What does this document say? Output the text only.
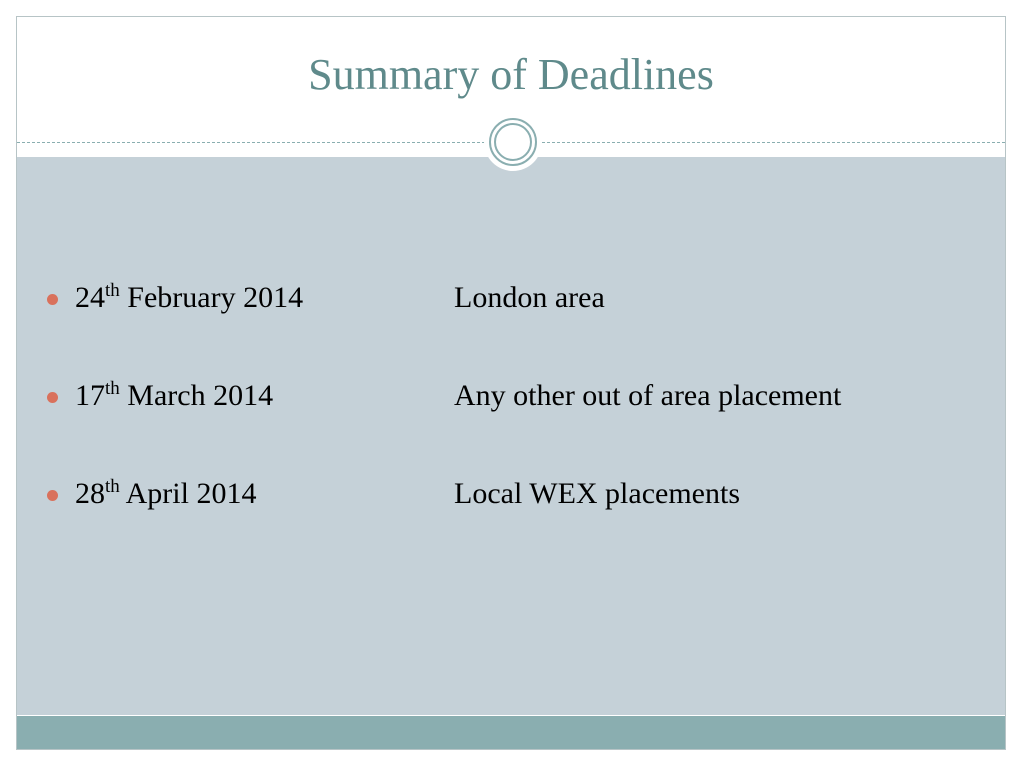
Summary of Deadlines
24th February 2014	London area
17th March 2014	Any other out of area placement
28th April 2014	Local WEX placements
